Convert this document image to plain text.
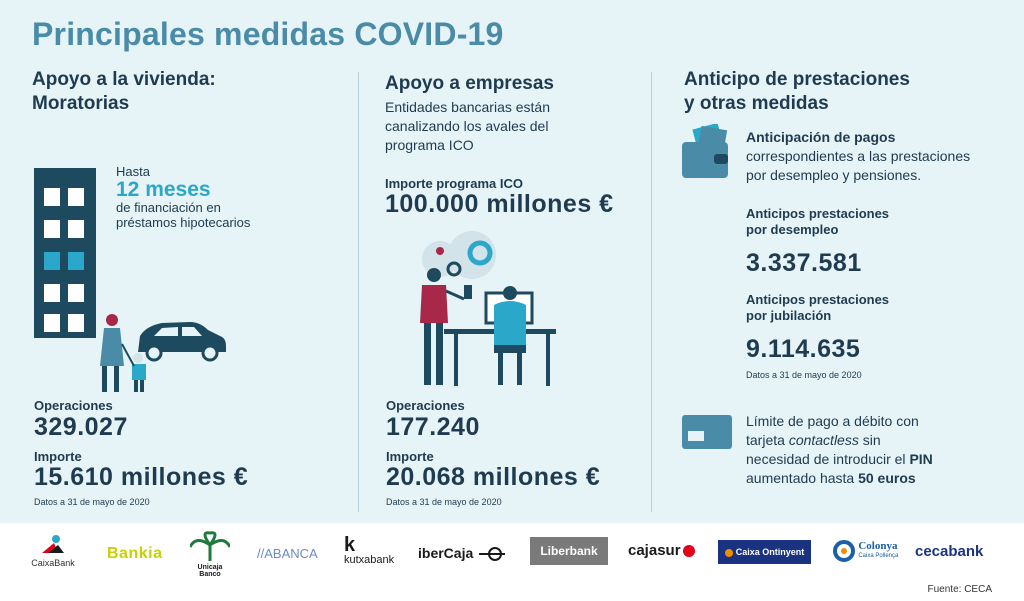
Principales medidas COVID-19
Apoyo a la vivienda:
Moratorias
Hasta
12 meses
de financiación en
préstamos hipotecarios
Operaciones
329.027
Importe
15.610 millones €
Datos a 31 de mayo de 2020
Apoyo a empresas
Entidades bancarias están
canalizando los avales del
programa ICO
Importe programa ICO
100.000 millones €
Operaciones
177.240
Importe
20.068 millones €
Datos a 31 de mayo de 2020
Anticipo de prestaciones
y otras medidas
Anticipación de pagos
correspondientes a las prestaciones
por desempleo y pensiones.
Anticipos prestaciones
por desempleo
3.337.581
Anticipos prestaciones
por jubilación
9.114.635
Datos a 31 de mayo de 2020
Límite de pago a débito con
tarjeta contactless sin
necesidad de introducir el PIN
aumentado hasta 50 euros
CaixaBank
Bankia
Unicaja Banco
//ABANCA k
kutxabank	iberCaja	Liberbank	cajasur	Caixa Ontinyent
	Colonya
Caixa Pollença cecabank
Fuente: CECA
